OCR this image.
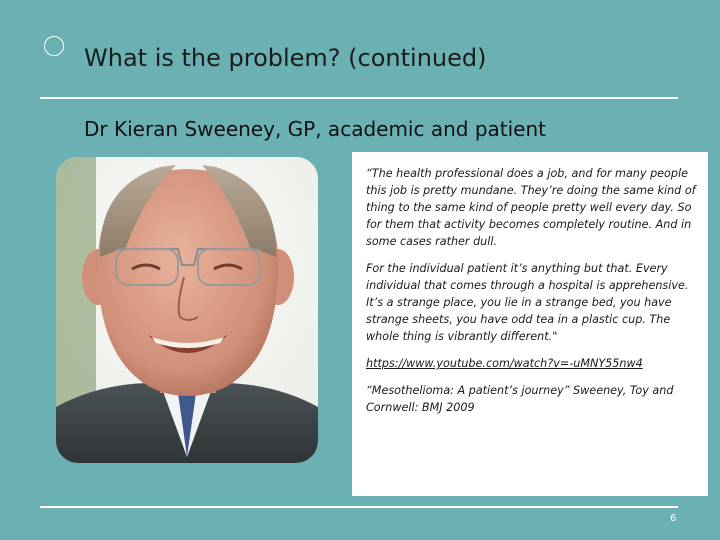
What is the problem? (continued)
Dr Kieran Sweeney, GP, academic and patient

“The health professional does a job, and for many people this job is pretty mundane. They’re doing the same kind of thing to the same kind of people pretty well every day. So for them that activity becomes completely routine. And in some cases rather dull.

For the individual patient it’s anything but that. Every individual that comes through a hospital is apprehensive. It’s a strange place, you lie in a strange bed, you have strange sheets, you have odd tea in a plastic cup. The whole thing is vibrantly different."

https://www.youtube.com/watch?v=-uMNY55nw4

“Mesothelioma: A patient’s journey” Sweeney, Toy and Cornwell: BMJ 2009

6
